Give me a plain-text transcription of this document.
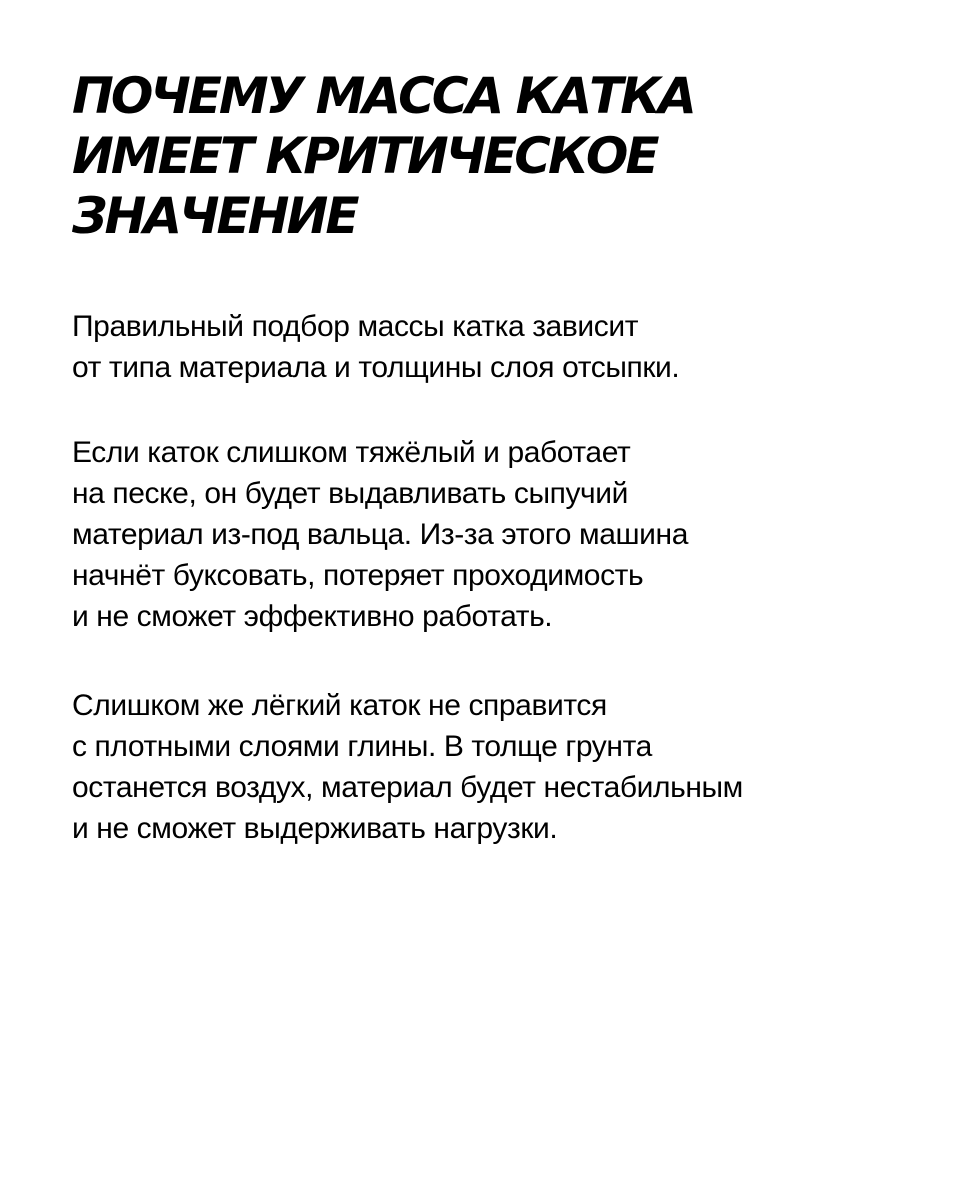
ПОЧЕМУ МАССА КАТКА
ИМЕЕТ КРИТИЧЕСКОЕ
ЗНАЧЕНИЕ
Правильный подбор массы катка зависит
от типа материала и толщины слоя отсыпки.
Если каток слишком тяжёлый и работает
на песке, он будет выдавливать сыпучий
материал из-под вальца. Из-за этого машина
начнёт буксовать, потеряет проходимость
и не сможет эффективно работать.
Слишком же лёгкий каток не справится
с плотными слоями глины. В толще грунта
останется воздух, материал будет нестабильным
и не сможет выдерживать нагрузки.
